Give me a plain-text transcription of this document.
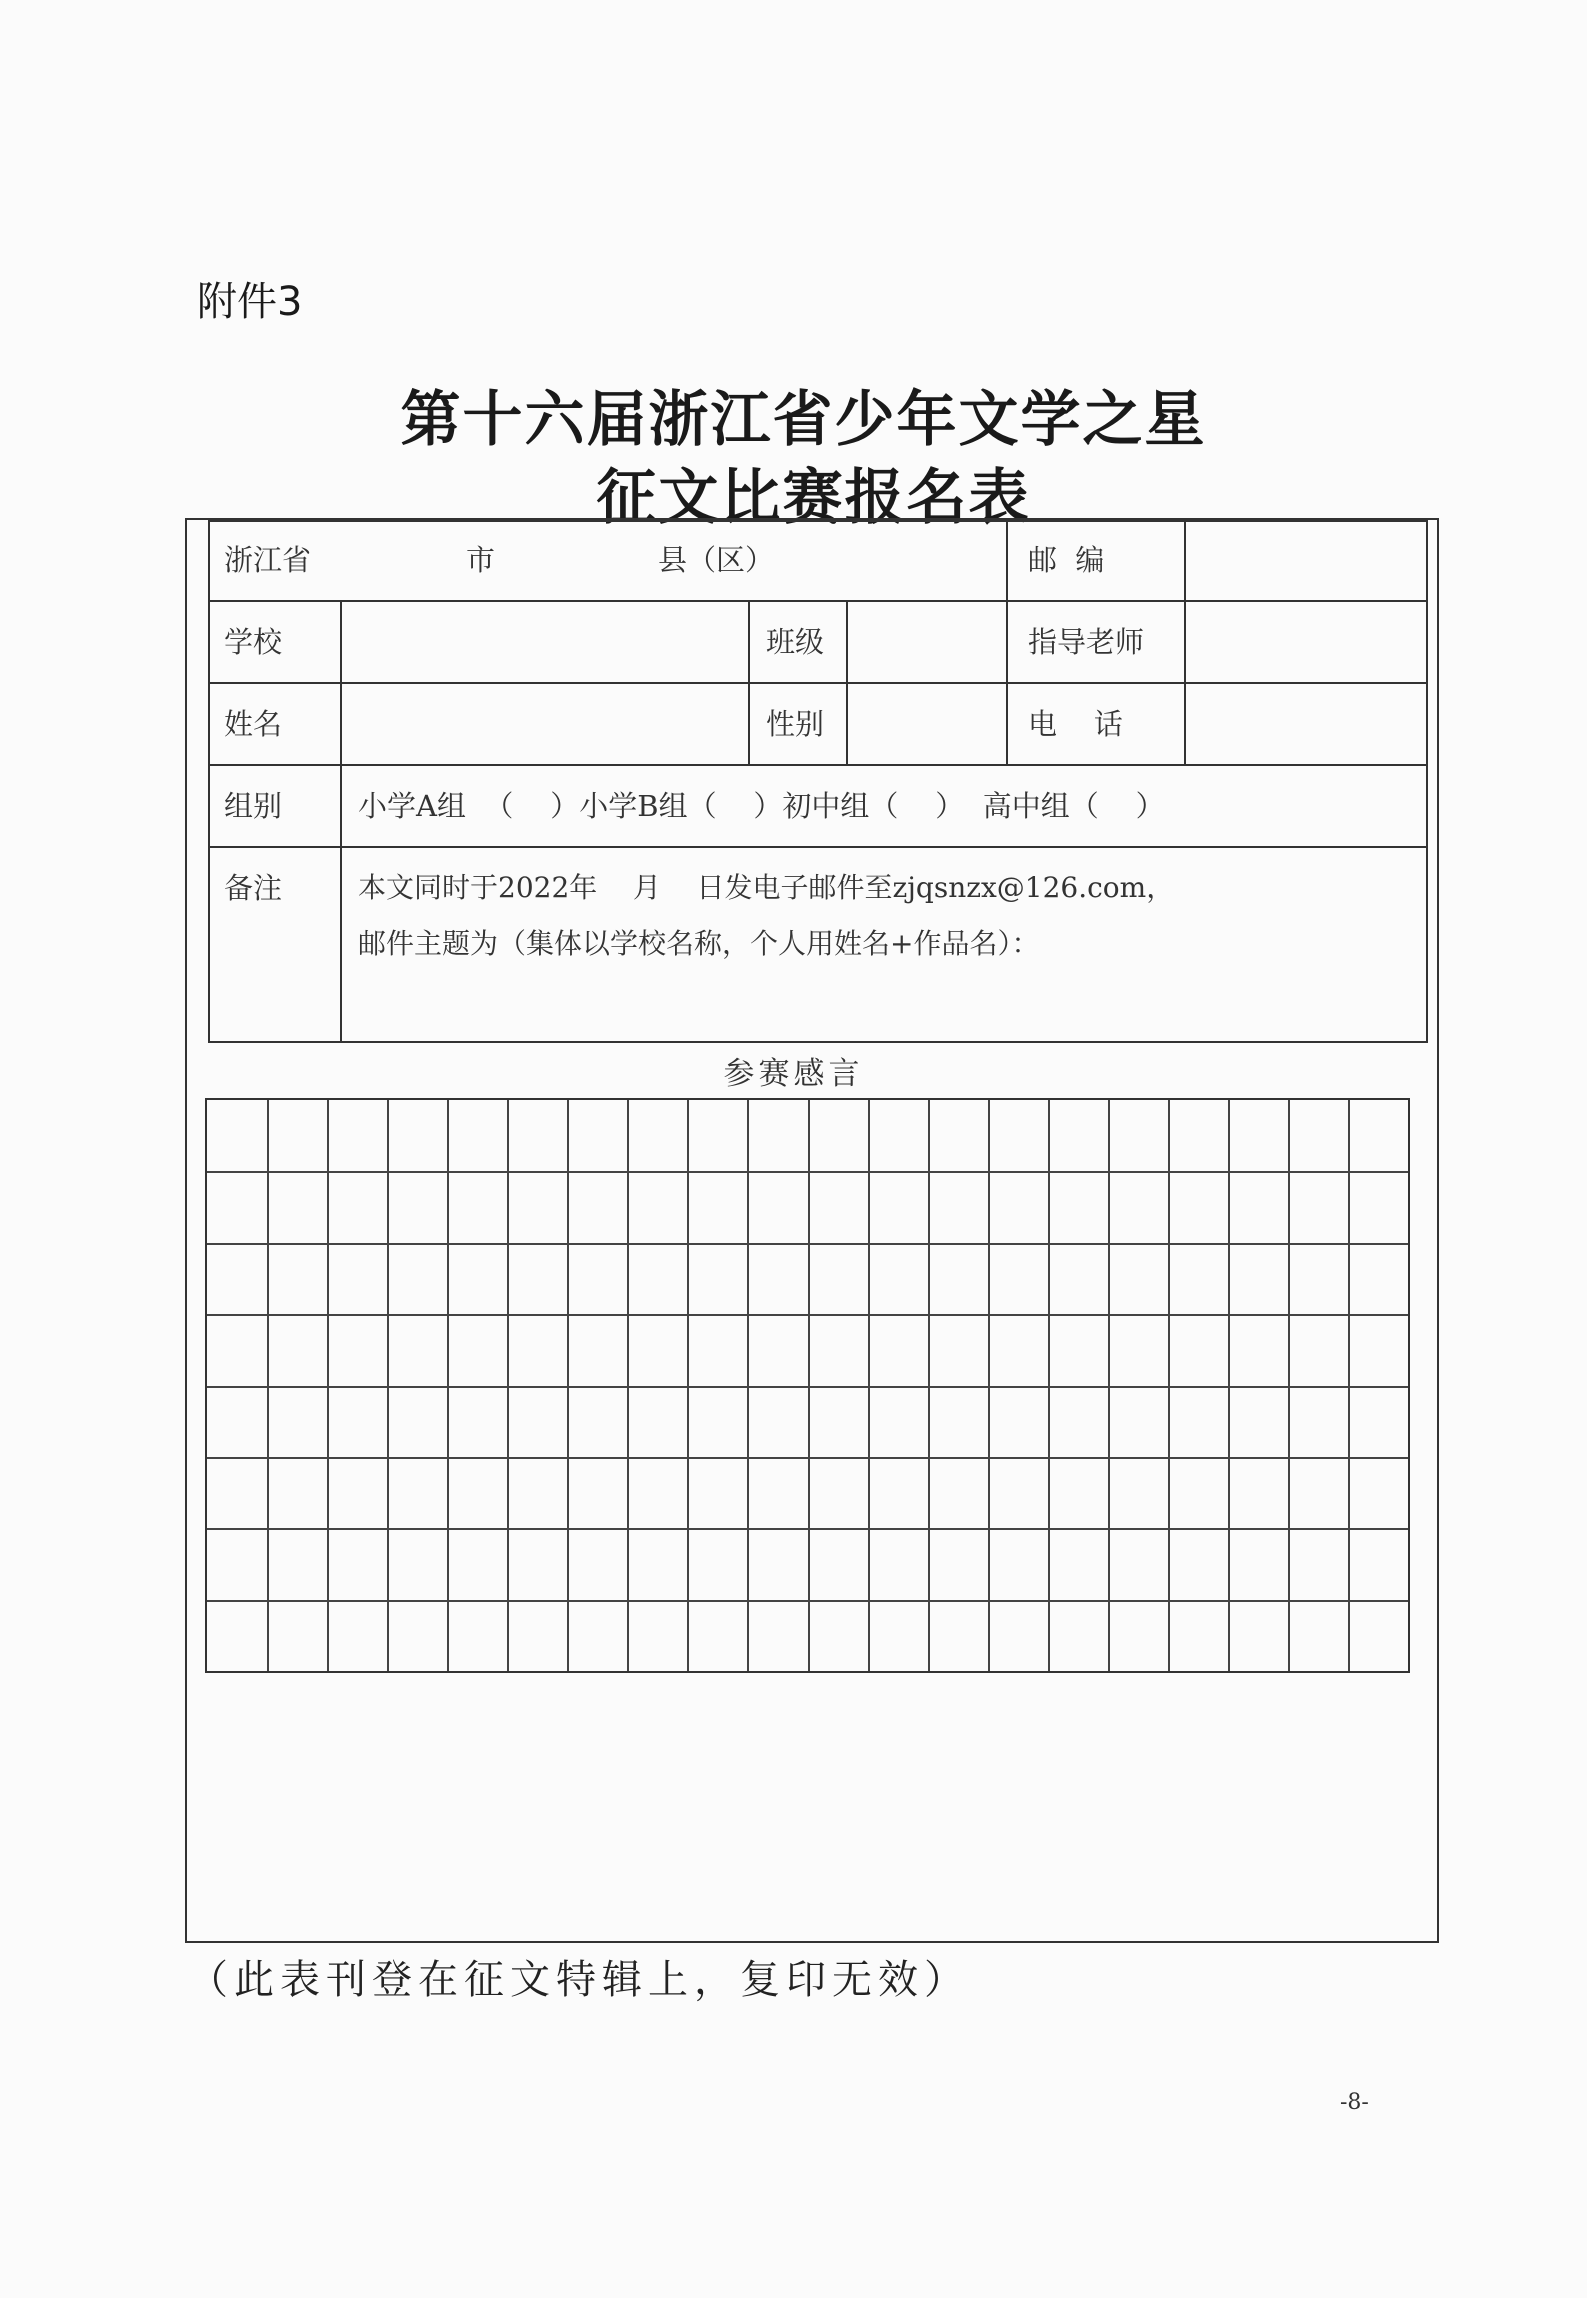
附件3
第十六届浙江省少年文学之星
征文比赛报名表
浙江省	市	县（区）	邮  编
学校	班级	指导老师
姓名	性别	电    话
组别	小学A组  （    ）小学B组（    ）初中组（    ）  高中组（    ）
备注	本文同时于2022年    月    日发电子邮件至zjqsnzx@126.com，
邮件主题为（集体以学校名称，个人用姓名+作品名）：
参赛感言
（此表刊登在征文特辑上，复印无效）
-8-
